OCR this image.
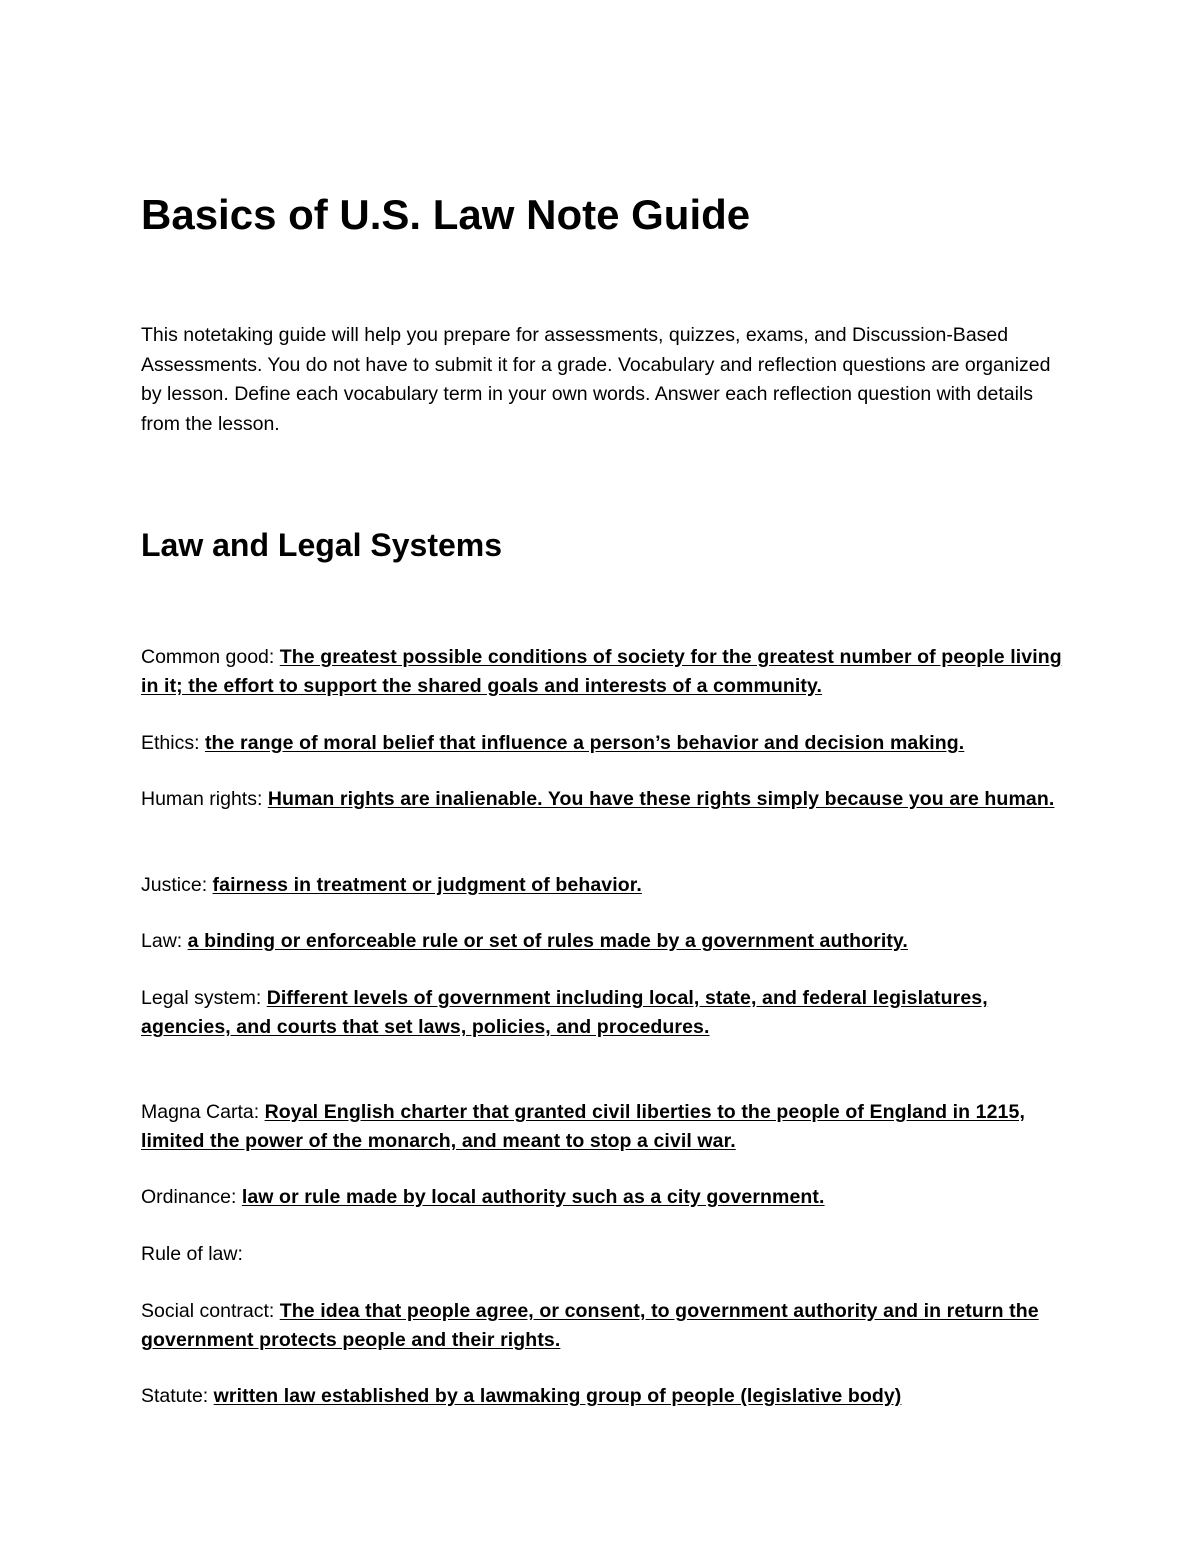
Basics of U.S. Law Note Guide

This notetaking guide will help you prepare for assessments, quizzes, exams, and Discussion-Based Assessments. You do not have to submit it for a grade. Vocabulary and reflection questions are organized by lesson. Define each vocabulary term in your own words. Answer each reflection question with details from the lesson.

Law and Legal Systems

Common good: The greatest possible conditions of society for the greatest number of people living in it; the effort to support the shared goals and interests of a community.

Ethics: the range of moral belief that influence a person’s behavior and decision making.

Human rights: Human rights are inalienable. You have these rights simply because you are human.

Justice: fairness in treatment or judgment of behavior.

Law: a binding or enforceable rule or set of rules made by a government authority.

Legal system: Different levels of government including local, state, and federal legislatures, agencies, and courts that set laws, policies, and procedures.

Magna Carta: Royal English charter that granted civil liberties to the people of England in 1215, limited the power of the monarch, and meant to stop a civil war.

Ordinance: law or rule made by local authority such as a city government.

Rule of law:

Social contract: The idea that people agree, or consent, to government authority and in return the government protects people and their rights.

Statute: written law established by a lawmaking group of people (legislative body)
